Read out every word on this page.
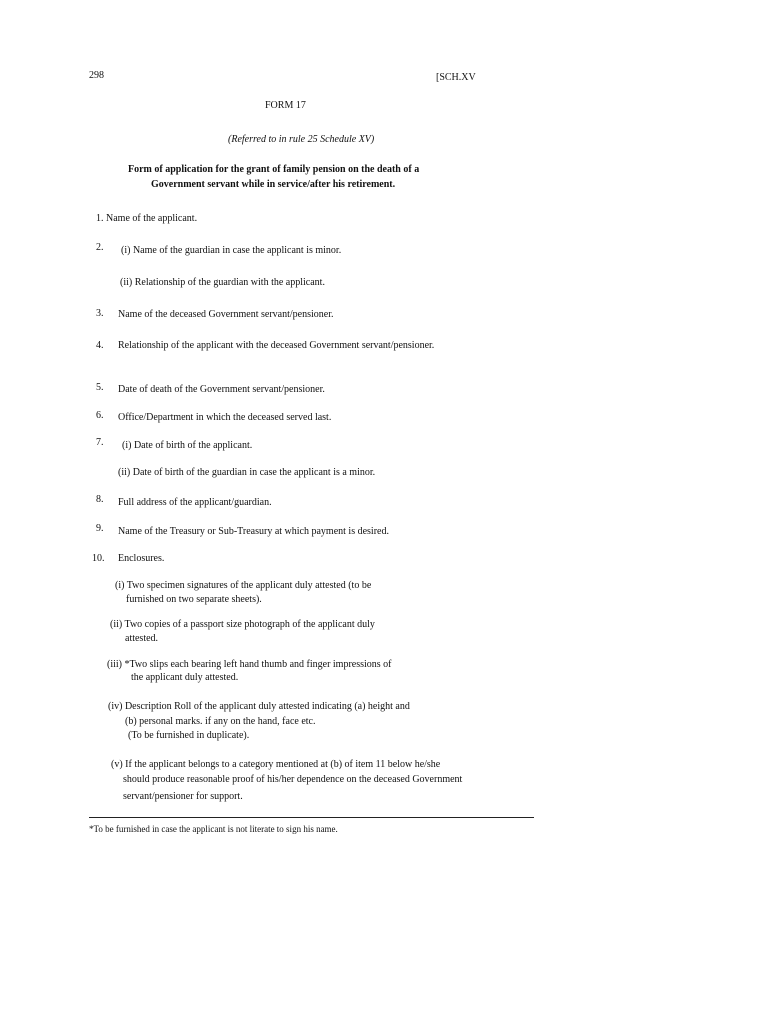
298	[SCH.XV
FORM 17
(Referred to in rule 25 Schedule XV)
Form of application for the grant of family pension on the death of a
Government servant while in service/after his retirement.
1. Name of the applicant.
2. (i) Name of the guardian in case the applicant is minor.
(ii) Relationship of the guardian with the applicant.
3. Name of the deceased Government servant/pensioner.
4. Relationship of the applicant with the deceased Government servant/pensioner.
5. Date of death of the Government servant/pensioner.
6. Office/Department in which the deceased served last.
7. (i) Date of birth of the applicant.
(ii) Date of birth of the guardian in case the applicant is a minor.
8. Full address of the applicant/guardian.
9. Name of the Treasury or Sub-Treasury at which payment is desired.
10. Enclosures.
(i) Two specimen signatures of the applicant duly attested (to be
furnished on two separate sheets).
(ii) Two copies of a passport size photograph of the applicant duly
attested.
(iii) *Two slips each bearing left hand thumb and finger impressions of
the applicant duly attested.
(iv) Description Roll of the applicant duly attested indicating (a) height and
(b) personal marks. if any on the hand, face etc.
(To be furnished in duplicate).
(v) If the applicant belongs to a category mentioned at (b) of item 11 below he/she
should produce reasonable proof of his/her dependence on the deceased Government
servant/pensioner for support.
*To be furnished in case the applicant is not literate to sign his name.
